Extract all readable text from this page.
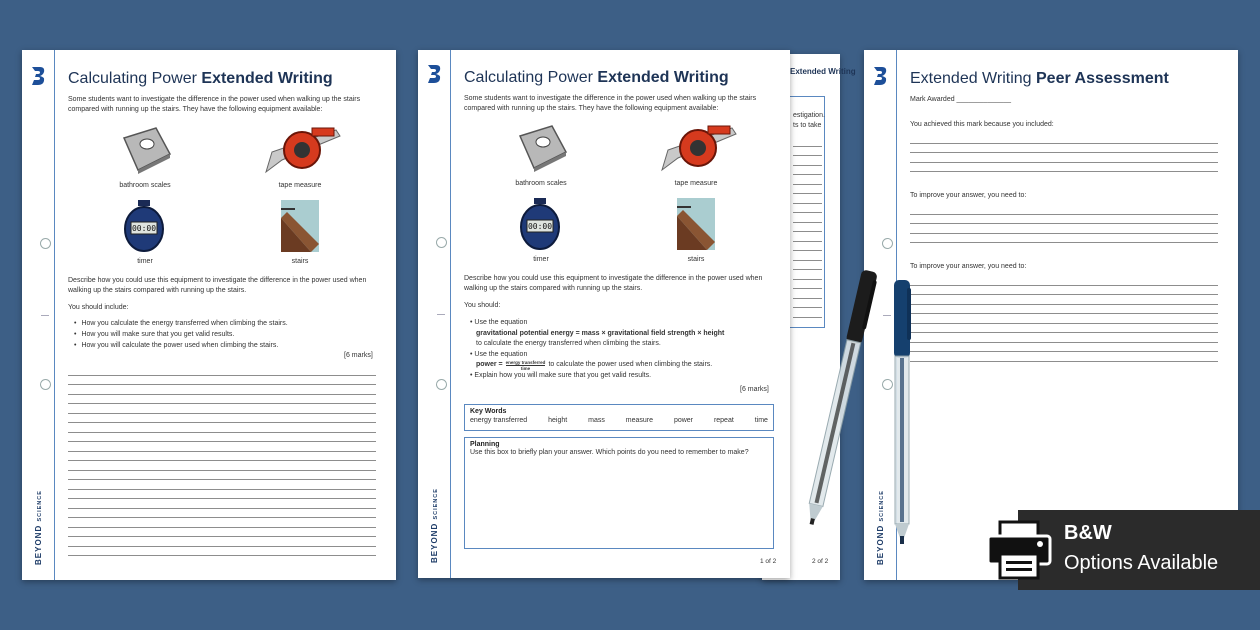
BEYOND SCIENCE
Calculating Power Extended Writing
Some students want to investigate the difference in the power used when walking up the stairs compared with running up the stairs. They have the following equipment available:
bathroom scales	tape measure
00:00
timer	stairs
Describe how you could use this equipment to investigate the difference in the power used when walking up the stairs compared with running up the stairs.
You should include:
• How you calculate the energy transferred when climbing the stairs.
• How you will make sure that you get valid results.
• How you will calculate the power used when climbing the stairs.
[6 marks]
Extended Writing
estigation.
ts to take
2 of 2
BEYOND SCIENCE
Calculating Power Extended Writing
Some students want to investigate the difference in the power used when walking up the stairs compared with running up the stairs. They have the following equipment available:
bathroom scales	tape measure
00:00
timer	stairs
Describe how you could use this equipment to investigate the difference in the power used when walking up the stairs compared with running up the stairs.
You should:
• Use the equation
gravitational potential energy = mass × gravitational field strength × height
to calculate the energy transferred when climbing the stairs.
• Use the equation
power = energy transferred
time
to calculate the power used when climbing the stairs.
• Explain how you will make sure that you get valid results.
[6 marks]
Key Words
energy transferred	height	mass	measure	power	repeat	time
Planning
Use this box to briefly plan your answer. Which points do you need to remember to make?
1 of 2	BEYOND SCIENCE
Extended Writing Peer Assessment
Mark Awarded ______________
You achieved this mark because you included:
To improve your answer, you need to:
To improve your answer, you need to:
B&W
Options Available
